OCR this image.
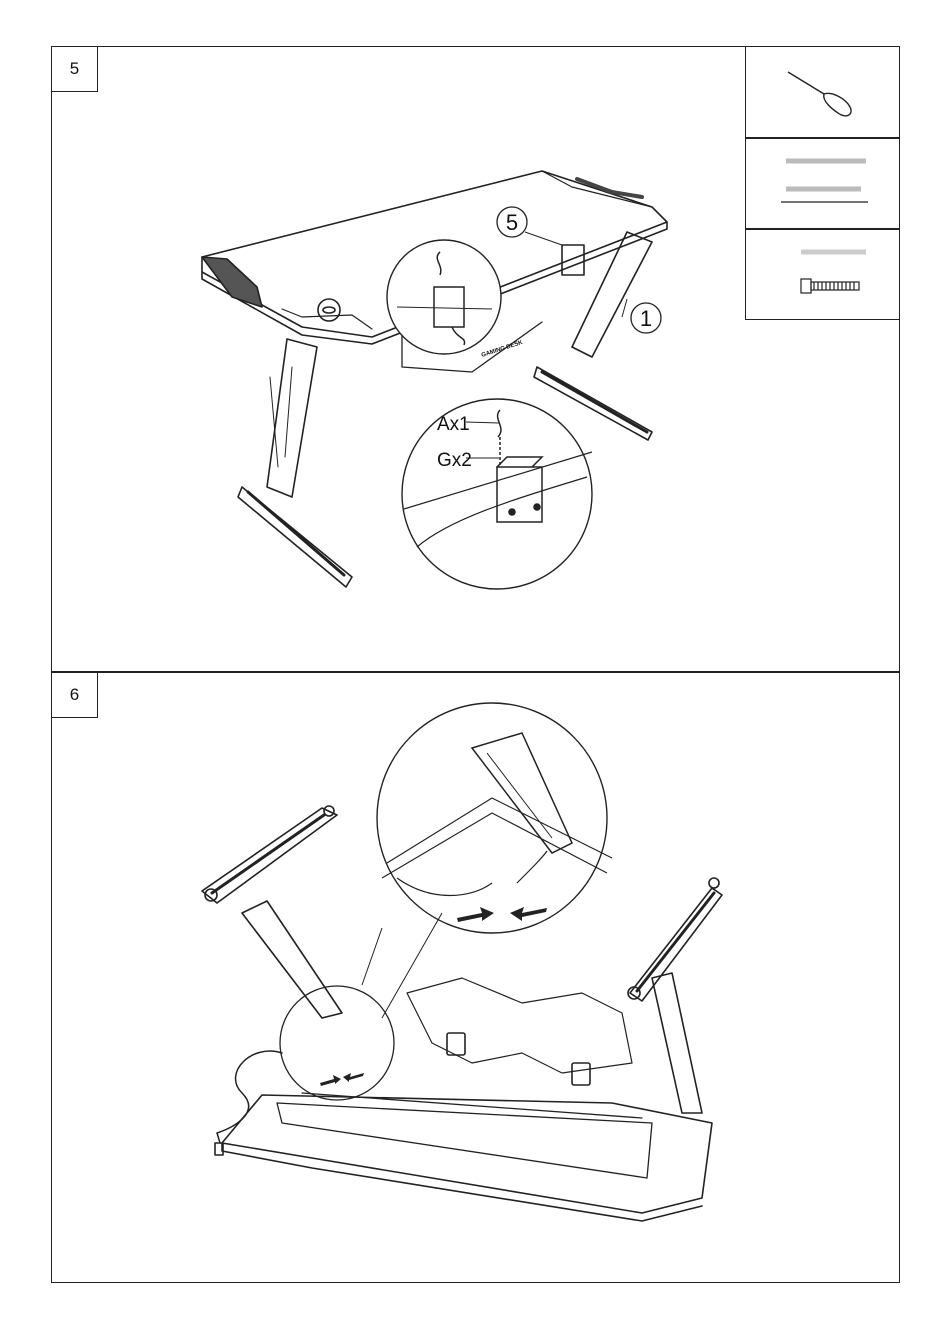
5
5
1
Ax1
Gx2
GAMING DESK
6
